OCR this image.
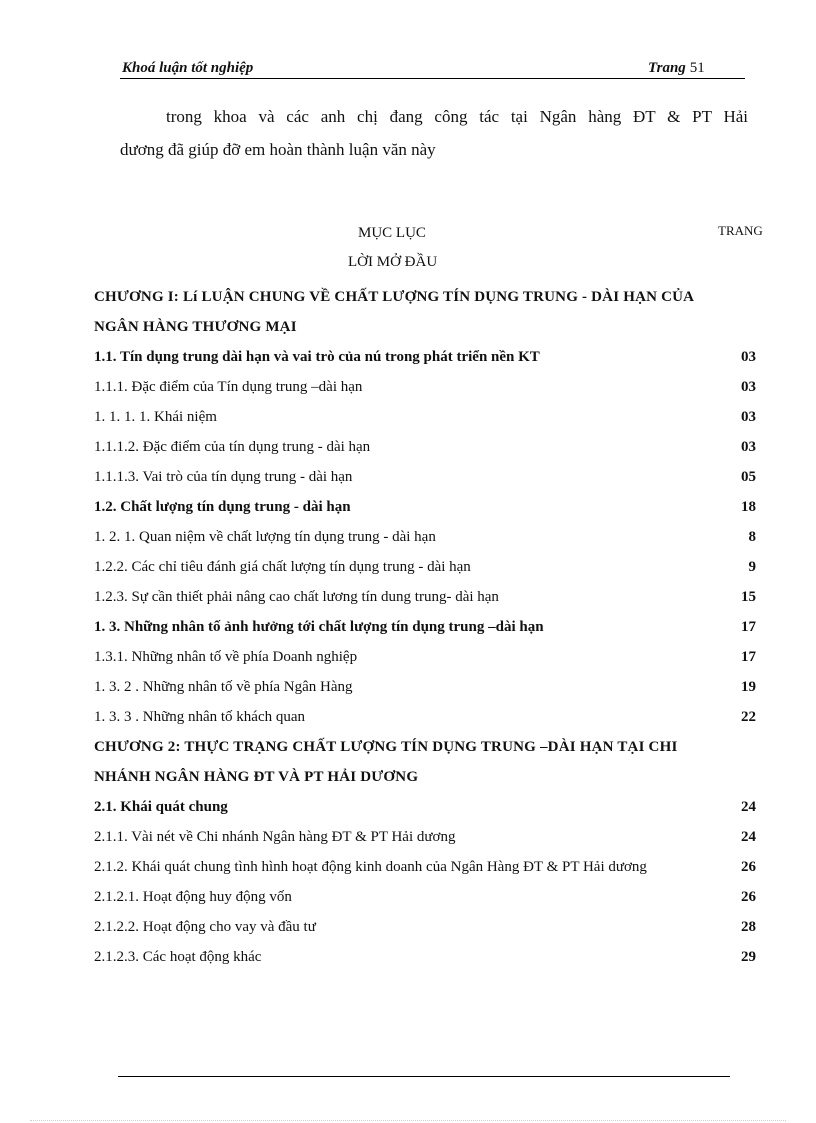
Khoá luận tốt nghiệp	Trang 51
trong khoa và các anh chị đang công tác tại Ngân hàng ĐT & PT Hải
dương đã giúp đỡ em hoàn thành luận văn này
MỤC LỤC	TRANG
LỜI MỞ ĐẦU
CHƯƠNG I: Lí LUẬN CHUNG VỀ CHẤT LƯỢNG TÍN DỤNG TRUNG - DÀI HẠN CỦA NGÂN HÀNG THƯƠNG MẠI
1.1. Tín dụng trung dài hạn và vai trò của nú trong phát triển nền KT	03
1.1.1. Đặc điểm của Tín dụng trung –dài hạn	03
1. 1. 1. 1. Khái niệm	03
1.1.1.2. Đặc điểm của tín dụng trung - dài hạn	03
1.1.1.3. Vai trò của tín dụng trung - dài hạn	05
1.2. Chất lượng tín dụng trung - dài hạn	18
1. 2. 1. Quan niệm về chất lượng tín dụng trung - dài hạn	8
1.2.2. Các chỉ tiêu đánh giá chất lượng tín dụng trung - dài hạn	9
1.2.3. Sự cần thiết phải nâng cao chất lương tín dung trung- dài hạn	15
1. 3. Những nhân tố ảnh hưởng tới chất lượng tín dụng trung –dài hạn	17
1.3.1. Những nhân tố về phía Doanh nghiệp	17
1. 3. 2 . Những nhân tố về phía Ngân Hàng	19
1. 3. 3 . Những nhân tố khách quan	22
CHƯƠNG 2: THỰC TRẠNG CHẤT LƯỢNG TÍN DỤNG TRUNG –DÀI HẠN TẠI CHI NHÁNH NGÂN HÀNG ĐT VÀ PT HẢI DƯƠNG
2.1. Khái quát chung	24
2.1.1. Vài nét về Chi nhánh Ngân hàng ĐT & PT Hải dương	24
2.1.2. Khái quát chung tình hình hoạt động kinh doanh của Ngân Hàng ĐT & PT Hải dương	26
2.1.2.1. Hoạt động huy động vốn	26
2.1.2.2. Hoạt động cho vay và đầu tư	28
2.1.2.3. Các hoạt động khác	29
